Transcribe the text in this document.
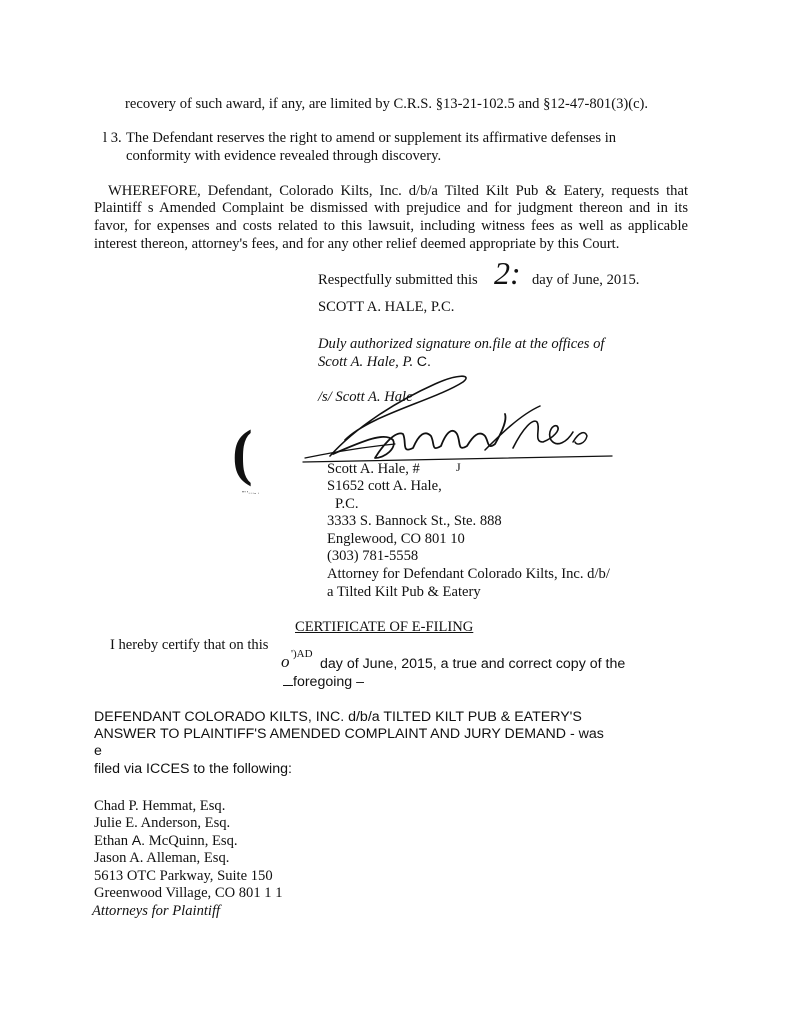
recovery of such award, if any, are limited by C.R.S. §13-21-102.5 and §12-47-801(3)(c).
l 3. The Defendant reserves the right to amend or supplement its affirmative defenses in
conformity with evidence revealed through discovery.
WHEREFORE, Defendant, Colorado Kilts, Inc. d/b/a Tilted Kilt Pub & Eatery, requests that
Plaintiff s Amended Complaint be dismissed with prejudice and for judgment thereon and in its
favor, for expenses and costs related to this lawsuit, including witness fees as well as applicable
interest thereon, attorney's fees, and for any other relief deemed appropriate by this Court.
Respectfully submitted this 2: day of June, 2015.
SCOTT A. HALE, P.C.
Duly authorized signature on.file at the offices of
Scott A. Hale, P. C.
/s/ Scott A. Hale
(
"' '···- ·
Scott A. Hale, #	J
S1652 cott A. Hale,
P.C.
3333 S. Bannock St., Ste. 888
Englewood, CO 801 10
(303) 781-5558
Attorney for Defendant Colorado Kilts, Inc. d/b/
a Tilted Kilt Pub & Eatery
CERTIFICATE OF E-FILING
I hereby certify that on this
o ')AD
day of June, 2015, a true and correct copy of the
foregoing –
DEFENDANT COLORADO KILTS, INC. d/b/a TILTED KILT PUB & EATERY'S
ANSWER TO PLAINTIFF'S AMENDED COMPLAINT AND JURY DEMAND - was
e
filed via ICCES to the following:
Chad P. Hemmat, Esq.
Julie E. Anderson, Esq.
Ethan A. McQuinn, Esq.
Jason A. Alleman, Esq.
5613 OTC Parkway, Suite 150
Greenwood Village, CO 801 1 1
Attorneys for Plaintiff
